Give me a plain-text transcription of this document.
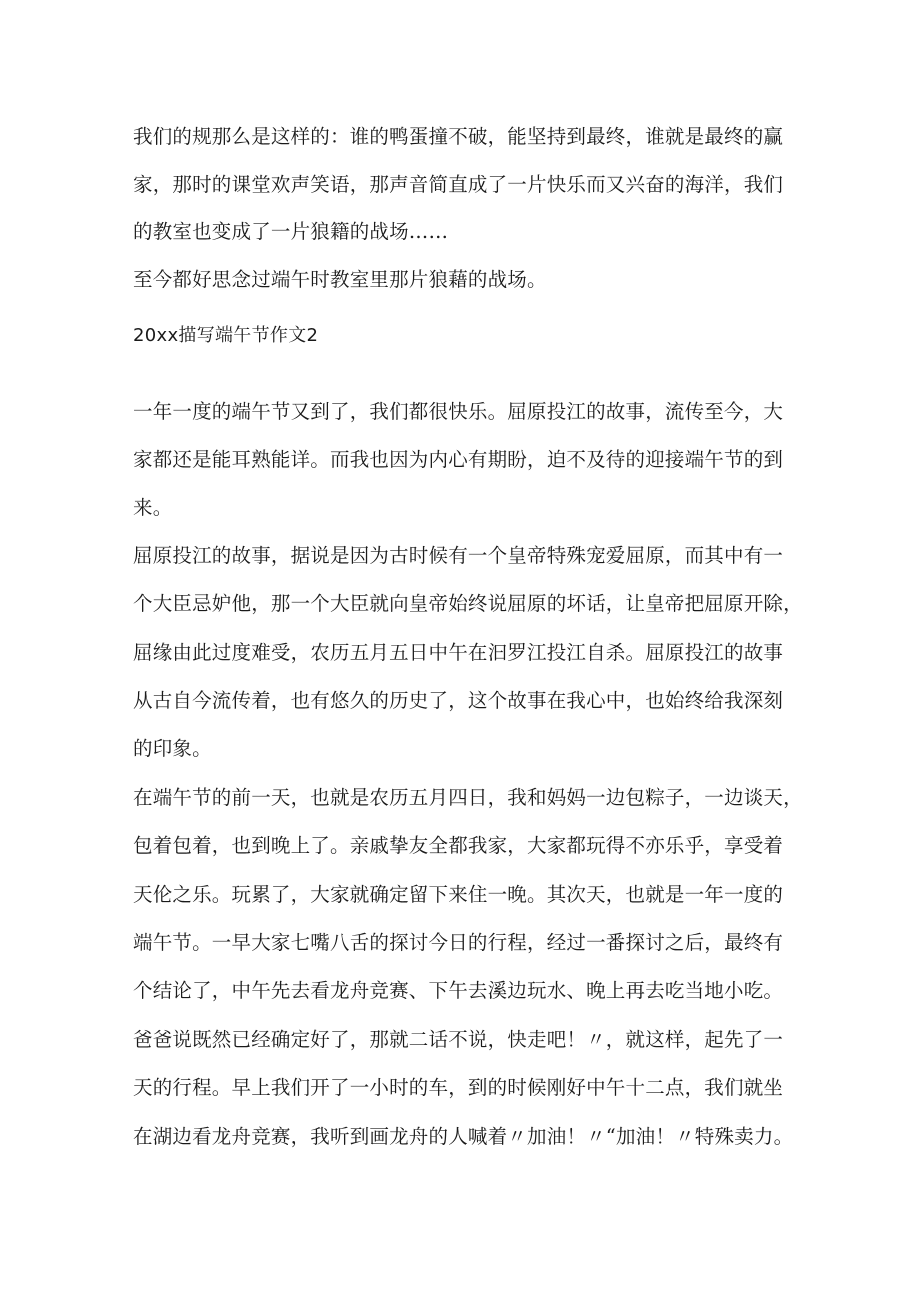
我们的规那么是这样的：谁的鸭蛋撞不破，能坚持到最终，谁就是最终的赢
家，那时的课堂欢声笑语，那声音简直成了一片快乐而又兴奋的海洋，我们
的教室也变成了一片狼籍的战场……
至今都好思念过端午时教室里那片狼藉的战场。
20xx描写端午节作文2
一年一度的端午节又到了，我们都很快乐。屈原投江的故事，流传至今，大
家都还是能耳熟能详。而我也因为内心有期盼，迫不及待的迎接端午节的到
来。
屈原投江的故事，据说是因为古时候有一个皇帝特殊宠爱屈原，而其中有一
个大臣忌妒他，那一个大臣就向皇帝始终说屈原的坏话，让皇帝把屈原开除，
屈缘由此过度难受，农历五月五日中午在汩罗江投江自杀。屈原投江的故事
从古自今流传着，也有悠久的历史了，这个故事在我心中，也始终给我深刻
的印象。
在端午节的前一天，也就是农历五月四日，我和妈妈一边包粽子，一边谈天，
包着包着，也到晚上了。亲戚挚友全都我家，大家都玩得不亦乐乎，享受着
天伦之乐。玩累了，大家就确定留下来住一晚。其次天，也就是一年一度的
端午节。一早大家七嘴八舌的探讨今日的行程，经过一番探讨之后，最终有
个结论了，中午先去看龙舟竞赛、下午去溪边玩水、晚上再去吃当地小吃。
爸爸说既然已经确定好了，那就二话不说，快走吧！〃，就这样，起先了一
天的行程。早上我们开了一小时的车，到的时候刚好中午十二点，我们就坐
在湖边看龙舟竞赛，我听到画龙舟的人喊着〃加油！〃“加油！〃特殊卖力。
